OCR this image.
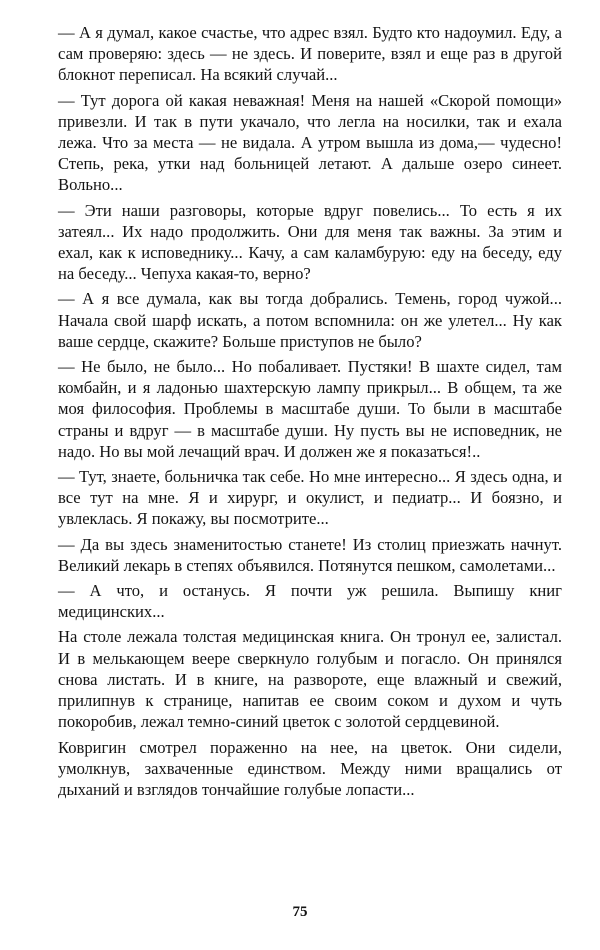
— А я думал, какое счастье, что адрес взял. Будто кто надоумил. Еду, а сам проверяю: здесь — не здесь. И поверите, взял и еще раз в другой блокнот переписал. На всякий случай...

— Тут дорога ой какая неважная! Меня на нашей «Скорой помощи» привезли. И так в пути укачало, что легла на носилки, так и ехала лежа. Что за места — не видала. А утром вышла из дома,— чудесно! Степь, река, утки над больницей летают. А дальше озеро синеет. Вольно...

— Эти наши разговоры, которые вдруг повелись... То есть я их затеял... Их надо продолжить. Они для меня так важны. За этим и ехал, как к исповеднику... Качу, а сам каламбурую: еду на беседу, еду на беседу... Чепуха какая-то, верно?

— А я все думала, как вы тогда добрались. Темень, город чужой... Начала свой шарф искать, а потом вспомнила: он же улетел... Ну как ваше сердце, скажите? Больше приступов не было?

— Не было, не было... Но побаливает. Пустяки! В шахте сидел, там комбайн, и я ладонью шахтерскую лампу прикрыл... В общем, та же моя философия. Проблемы в масштабе души. То были в масштабе страны и вдруг — в масштабе души. Ну пусть вы не исповедник, не надо. Но вы мой лечащий врач. И должен же я показаться!..

— Тут, знаете, больничка так себе. Но мне интересно... Я здесь одна, и все тут на мне. Я и хирург, и окулист, и педиатр... И боязно, и увлеклась. Я покажу, вы посмотрите...

— Да вы здесь знаменитостью станете! Из столиц приезжать начнут. Великий лекарь в степях объявился. Потянутся пешком, самолетами...

— А что, и останусь. Я почти уж решила. Выпишу книг медицинских...

На столе лежала толстая медицинская книга. Он тронул ее, залистал. И в мелькающем веере сверкнуло голубым и погасло. Он принялся снова листать. И в книге, на развороте, еще влажный и свежий, прилипнув к странице, напитав ее своим соком и духом и чуть покоробив, лежал темно-синий цветок с золотой сердцевиной.

Ковригин смотрел пораженно на нее, на цветок. Они сидели, умолкнув, захваченные единством. Между ними вращались от дыханий и взглядов тончайшие голубые лопасти...

75
